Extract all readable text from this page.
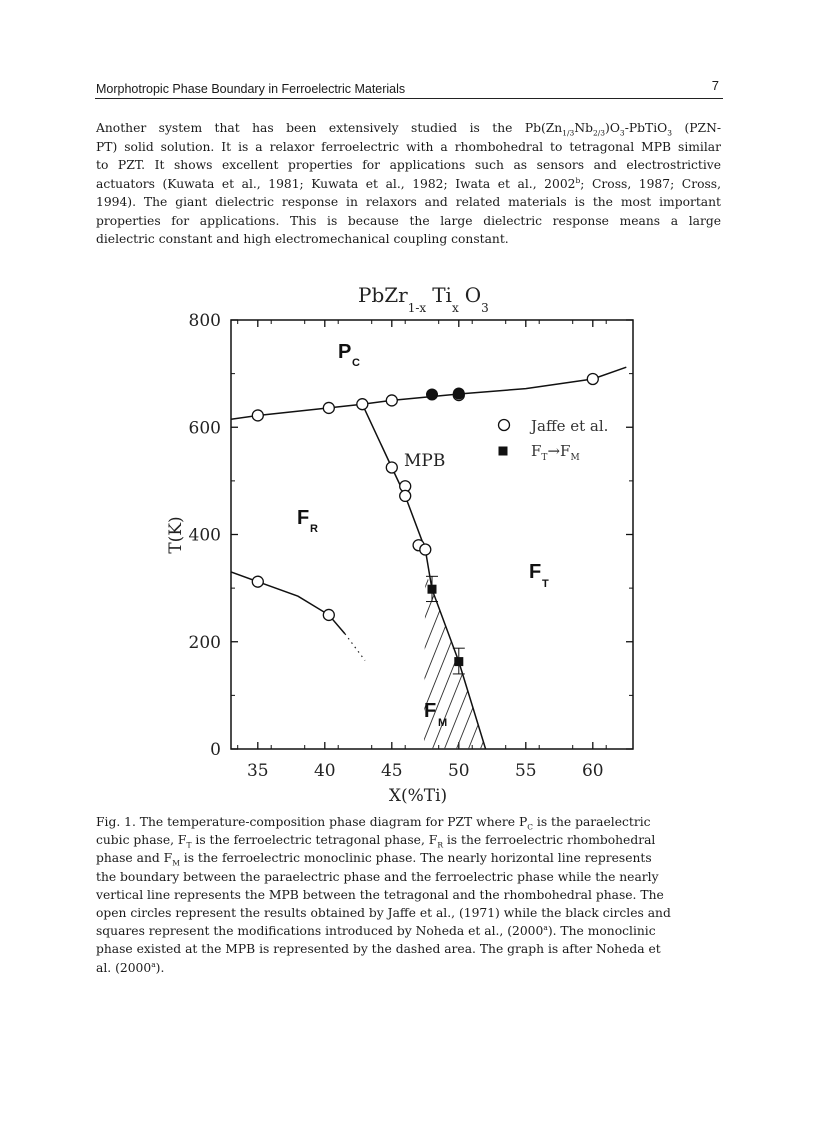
Morphotropic Phase Boundary in Ferroelectric Materials	7

Another system that has been extensively studied is the $Pb(Zn_{1/3}Nb_{2/3})O_3-PbTiO_3$ (PZN-
PT) solid solution. It is a relaxor ferroelectric with a rhombohedral to tetragonal MPB similar
to PZT. It shows excellent properties for applications such as sensors and electrostrictive
actuators (Kuwata et al., 1981; Kuwata et al., 1982; Iwata et al., 2002$^b$; Cross, 1987; Cross,
1994). The giant dielectric response in relaxors and related materials is the most important
properties for applications. This is because the large dielectric response means a large
dielectric constant and high electromechanical coupling constant.

$PbZr_{1-x}Ti_xO_3$
35	40	45	50	55	60
0
200
400
600
800
P C
F R
F
T
F
M
MPB
Jaffe et al.
$F_T\to F_M$
X(%Ti)
T(K)

Fig. 1. The temperature-composition phase diagram for PZT where $P_C$ is the paraelectric
cubic phase, $F_T$ is the ferroelectric tetragonal phase, $F_R$ is the ferroelectric rhombohedral
phase and $F_M$ is the ferroelectric monoclinic phase. The nearly horizontal line represents
the boundary between the paraelectric phase and the ferroelectric phase while the nearly
vertical line represents the MPB between the tetragonal and the rhombohedral phase. The
open circles represent the results obtained by Jaffe et al., (1971) while the black circles and
squares represent the modifications introduced by Noheda et al., (2000$^a$). The monoclinic
phase existed at the MPB is represented by the dashed area. The graph is after Noheda et
al. (2000$^a$).
